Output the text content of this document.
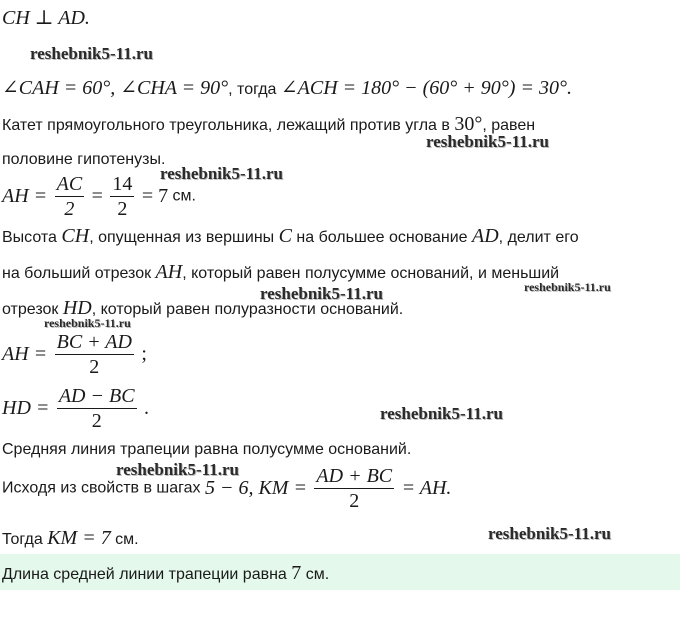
CH ⊥ AD.
reshebnik5-11.ru
∠CAH = 60°, ∠CHA = 90°, тогда ∠ACH = 180° − (60° + 90°) = 30°.
Катет прямоугольного треугольника, лежащий против угла в 30°, равен
reshebnik5-11.ru
половине гипотенузы.
reshebnik5-11.ru
AH = $\frac{AC}{2} = \frac{14}{2} = 7$ см.
Высота CH, опущенная из вершины C на большее основание AD, делит его
на больший отрезок AH, который равен полусумме оснований, и меньший
reshebnik5-11.ru
reshebnik5-11.ru
отрезок HD, который равен полуразности оснований.
reshebnik5-11.ru
AH = $\frac{BC + AD}{2}$ ;
HD = $\frac{AD - BC}{2}$ .	reshebnik5-11.ru
Средняя линия трапеции равна полусумме оснований.
reshebnik5-11.ru
Исходя из свойств в шагах 5 − 6, KM = $\frac{AD + BC}{2}$ = AH.
reshebnik5-11.ru
Тогда KM = 7 см.
Длина средней линии трапеции равна 7 см.
